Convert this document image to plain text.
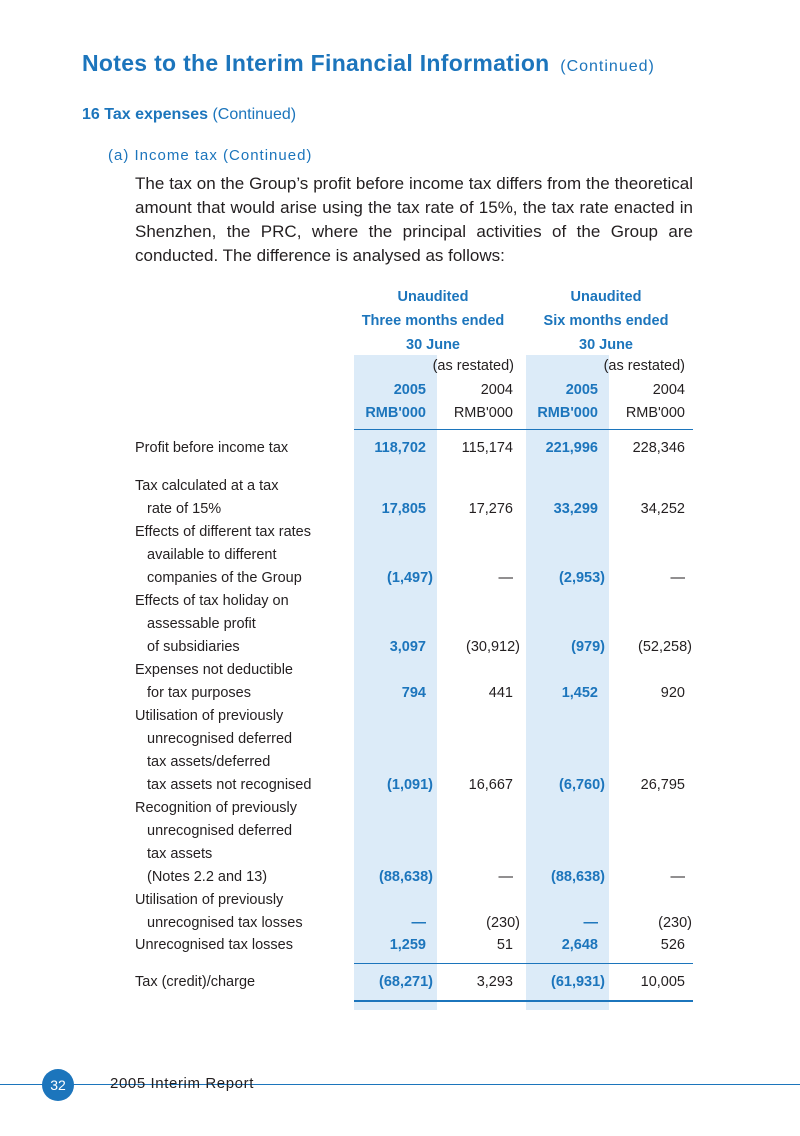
Notes to the Interim Financial Information (Continued)
16 Tax expenses (Continued)
(a) Income tax (Continued)
The tax on the Group’s profit before income tax differs from the theoretical amount that would arise using the tax rate of 15%, the tax rate enacted in Shenzhen, the PRC, where the principal activities of the Group are conducted. The difference is analysed as follows:
Unaudited
Three months ended
30 June
Unaudited
Six months ended
30 June
(as restated)	(as restated)
2005	2004	2005	2004
RMB'000	RMB'000	RMB'000	RMB'000
Profit before income tax	118,702	115,174	221,996	228,346
Tax calculated at a tax
rate of 15%	17,805	17,276	33,299	34,252
Effects of different tax rates
available to different
companies of the Group	(1,497)	—	(2,953)	—
Effects of tax holiday on
assessable profit
of subsidiaries	3,097	(30,912)	(979)	(52,258)
Expenses not deductible
for tax purposes	794	441	1,452	920
Utilisation of previously
unrecognised deferred
tax assets/deferred
tax assets not recognised	(1,091)	16,667	(6,760)	26,795
Recognition of previously
unrecognised deferred
tax assets
(Notes 2.2 and 13)	(88,638)	—	(88,638)	—
Utilisation of previously
unrecognised tax losses	—	(230)	—	(230)
Unrecognised tax losses	1,259	51	2,648	526
Tax (credit)/charge	(68,271)	3,293	(61,931)	10,005
32	2005 Interim Report
